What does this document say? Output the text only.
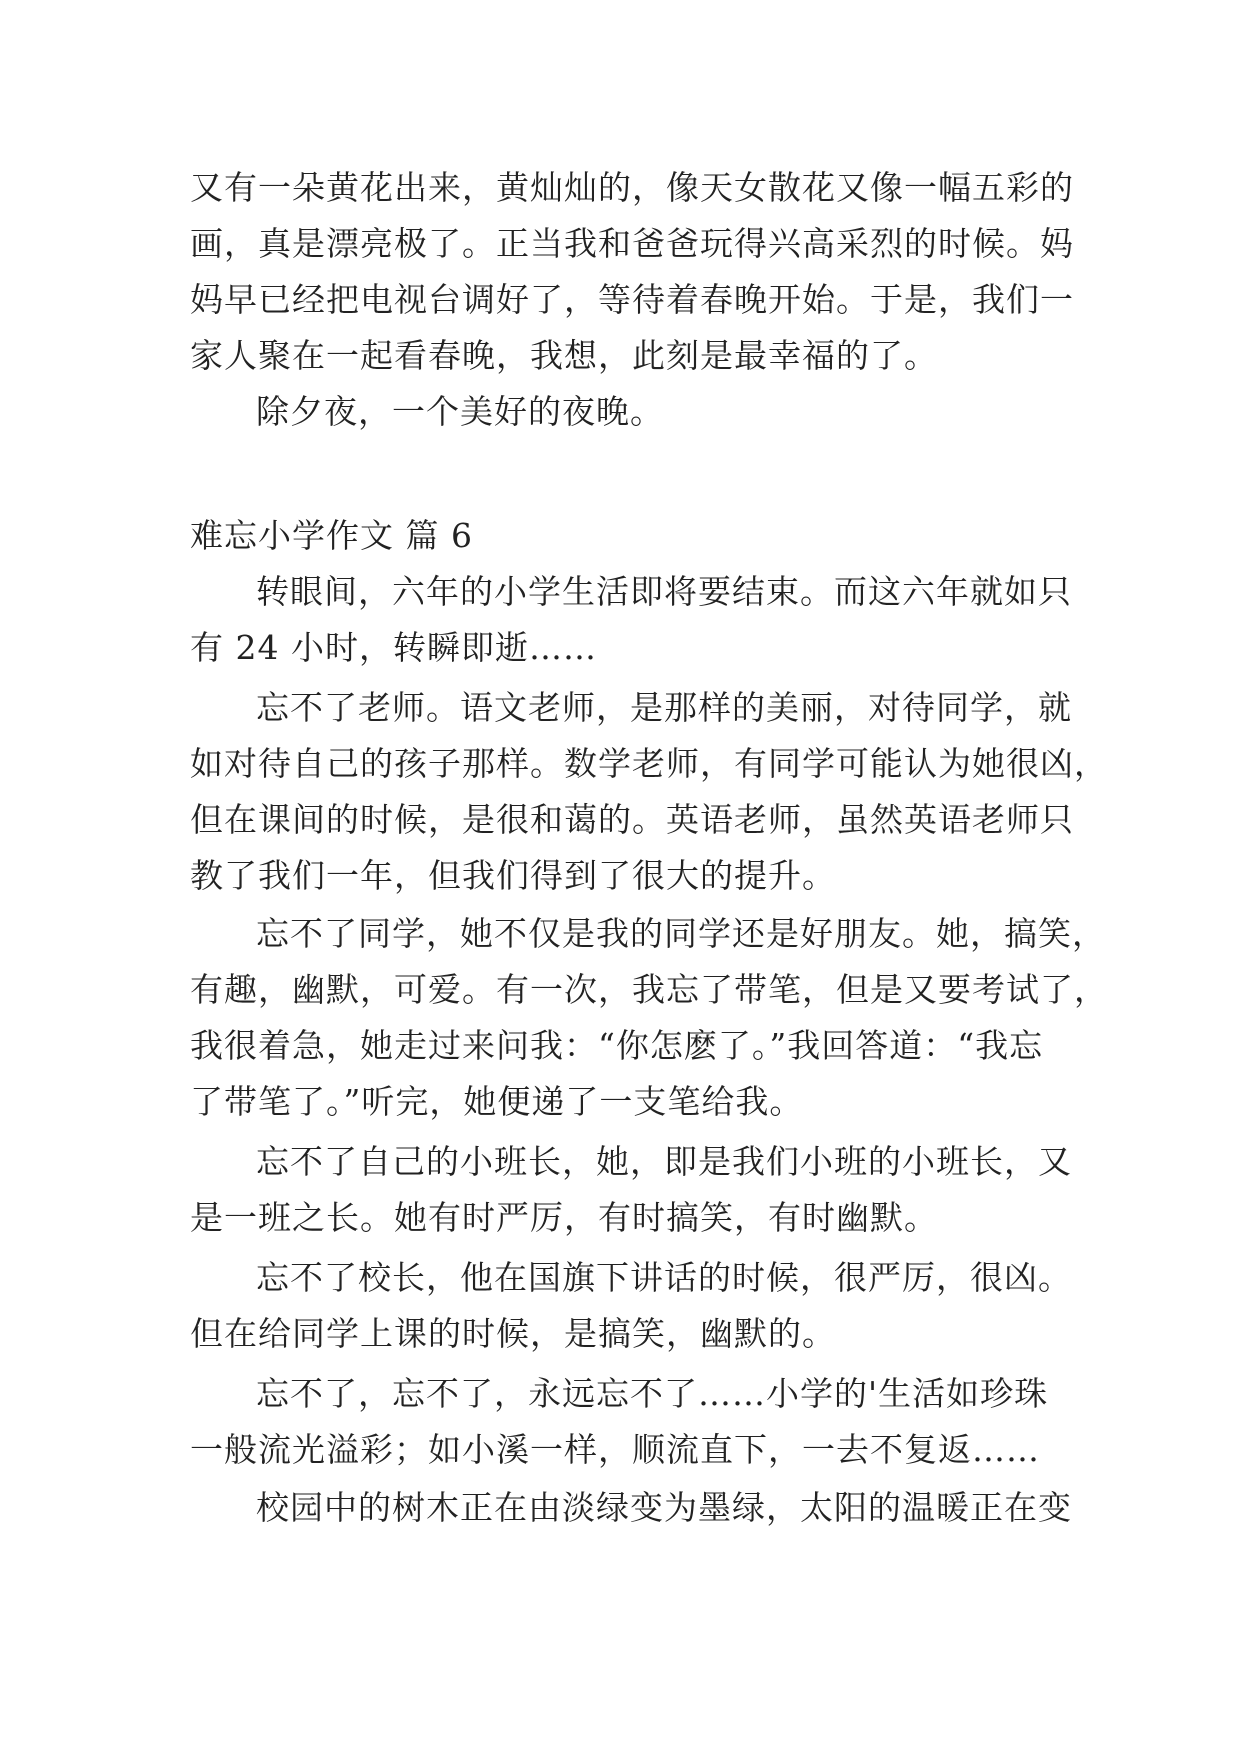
又有一朵黄花出来，黄灿灿的，像天女散花又像一幅五彩的
画，真是漂亮极了。正当我和爸爸玩得兴高采烈的时候。妈
妈早已经把电视台调好了，等待着春晚开始。于是，我们一
家人聚在一起看春晚，我想，此刻是最幸福的了。
除夕夜，一个美好的夜晚。
难忘小学作文 篇 6
转眼间，六年的小学生活即将要结束。而这六年就如只
有 24 小时，转瞬即逝……
忘不了老师。语文老师，是那样的美丽，对待同学，就
如对待自己的孩子那样。数学老师，有同学可能认为她很凶，
但在课间的时候，是很和蔼的。英语老师，虽然英语老师只
教了我们一年，但我们得到了很大的提升。
忘不了同学，她不仅是我的同学还是好朋友。她，搞笑，
有趣，幽默，可爱。有一次，我忘了带笔，但是又要考试了，
我很着急，她走过来问我：“你怎麽了。”我回答道：“我忘
了带笔了。”听完，她便递了一支笔给我。
忘不了自己的小班长，她，即是我们小班的小班长，又
是一班之长。她有时严厉，有时搞笑，有时幽默。
忘不了校长，他在国旗下讲话的时候，很严厉，很凶。
但在给同学上课的时候，是搞笑，幽默的。
忘不了，忘不了，永远忘不了……小学的'生活如珍珠
一般流光溢彩；如小溪一样，顺流直下，一去不复返……
校园中的树木正在由淡绿变为墨绿，太阳的温暖正在变
